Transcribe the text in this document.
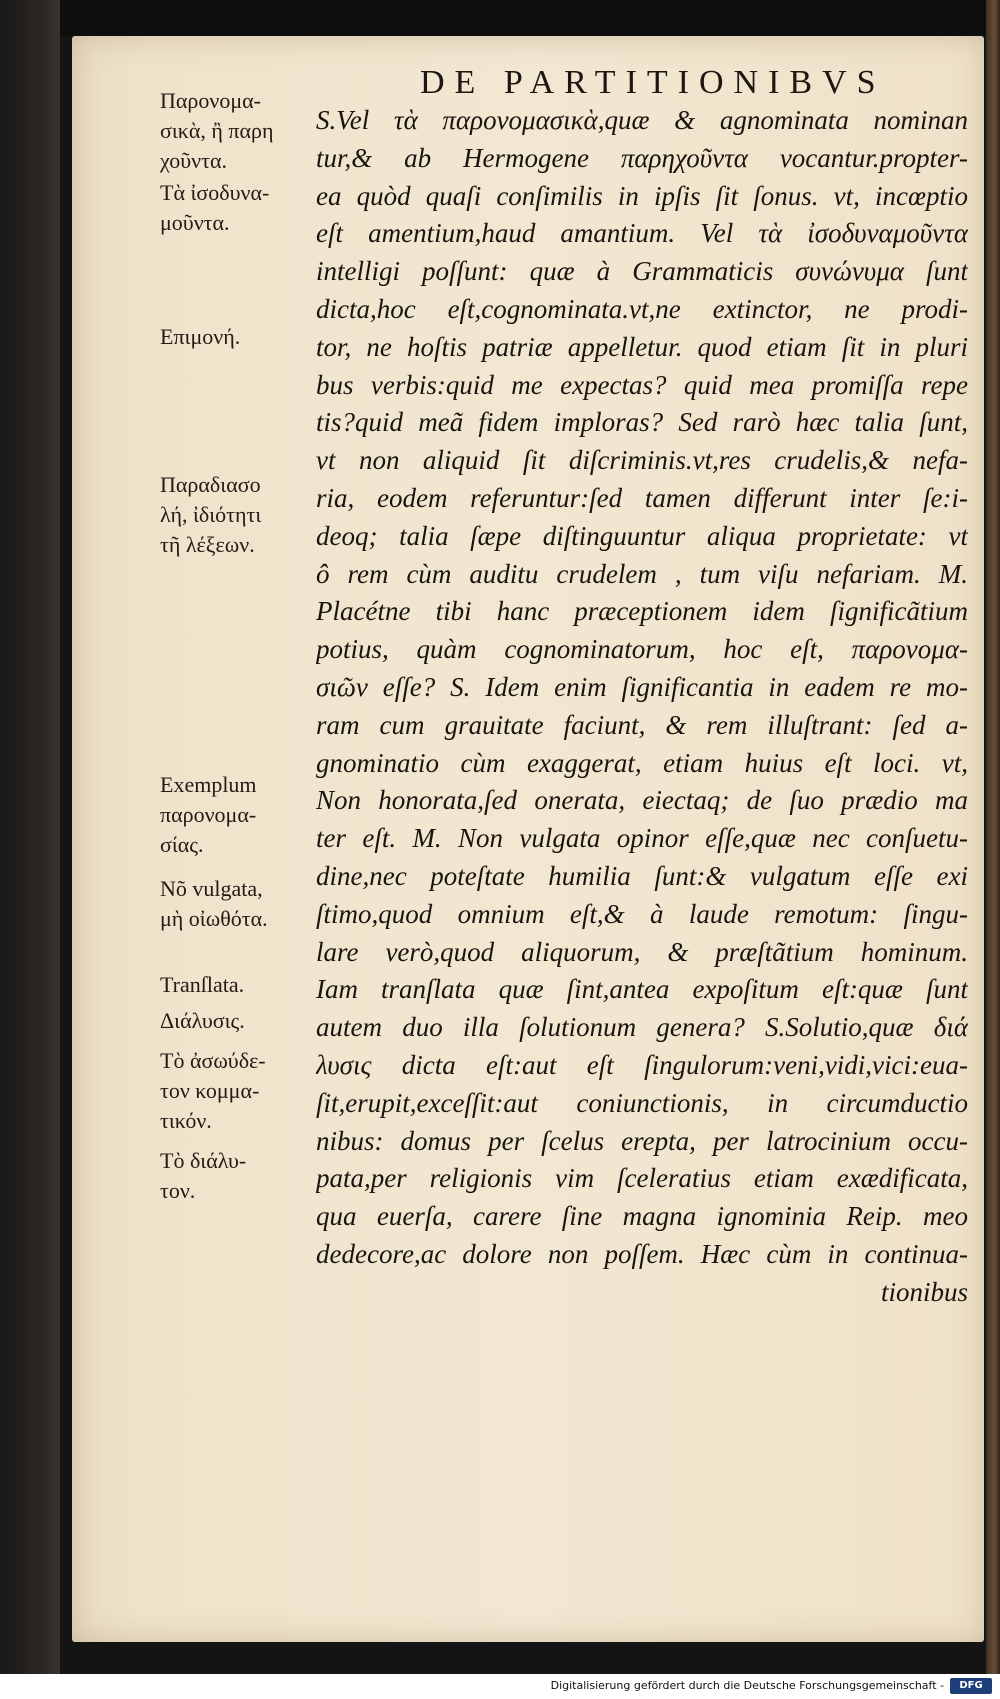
DE PARTITIONIBVS
Παρονομα-
σικὰ, ἢ παρη
χοῦντα.
Τὰ ἰσοδυνα-
μοῦντα.
Επιμονή.
Παραδιασο
λή, ἰδιότητι
τῆ λέξεων.
Exemplum
παρονομα-
σίας.
Nõ vulgata,
μὴ οἰωθότα.
Tranſlata.
Διάλυσις.
Τὸ ἀσωύδε-
τον κομμα-
τικόν.
Τὸ διάλυ-
τον.
S.Vel τὰ παρονομασικὰ,quæ & agnominata nominan
tur,& ab Hermogene παρηχοῦντα vocantur.propter-
ea quòd quaſi conſimilis in ipſis ſit ſonus. vt, incœptio
eſt amentium,haud amantium. Vel τὰ ἰσοδυναμοῦντα
intelligi poſſunt: quæ à Grammaticis συνώνυμα ſunt
dicta,hoc eſt,cognominata.vt,ne extinctor, ne prodi-
tor, ne hoſtis patriæ appelletur. quod etiam ſit in pluri
bus verbis:quid me expectas? quid mea promiſſa repe
tis?quid meã fidem imploras? Sed rarò hæc talia ſunt,
vt non aliquid ſit diſcriminis.vt,res crudelis,& nefa-
ria, eodem referuntur:ſed tamen differunt inter ſe:i-
deoq; talia ſæpe diſtinguuntur aliqua proprietate: vt
ô rem cùm auditu crudelem , tum viſu nefariam. M.
Placétne tibi hanc præceptionem idem ſignificãtium
potius, quàm cognominatorum, hoc eſt, παρονομα-
σιῶν eſſe? S. Idem enim ſignificantia in eadem re mo-
ram cum grauitate faciunt, & rem illuſtrant: ſed a-
gnominatio cùm exaggerat, etiam huius eſt loci. vt,
Non honorata,ſed onerata, eiectaq; de ſuo prædio ma
ter eſt. M. Non vulgata opinor eſſe,quæ nec conſuetu-
dine,nec poteſtate humilia ſunt:& vulgatum eſſe exi
ſtimo,quod omnium eſt,& à laude remotum: ſingu-
lare verò,quod aliquorum, & præſtãtium hominum.
Iam tranſlata quæ ſint,antea expoſitum eſt:quæ ſunt
autem duo illa ſolutionum genera? S.Solutio,quæ διά
λυσις dicta eſt:aut eſt ſingulorum:veni,vidi,vici:eua-
ſit,erupit,exceſſit:aut coniunctionis, in circumductio
nibus: domus per ſcelus erepta, per latrocinium occu-
pata,per religionis vim ſceleratius etiam exædificata,
qua euerſa, carere ſine magna ignominia Reip. meo
dedecore,ac dolore non poſſem. Hæc cùm in continua-
tionibus
Digitalisierung gefördert durch die Deutsche Forschungsgemeinschaft -	DFG
